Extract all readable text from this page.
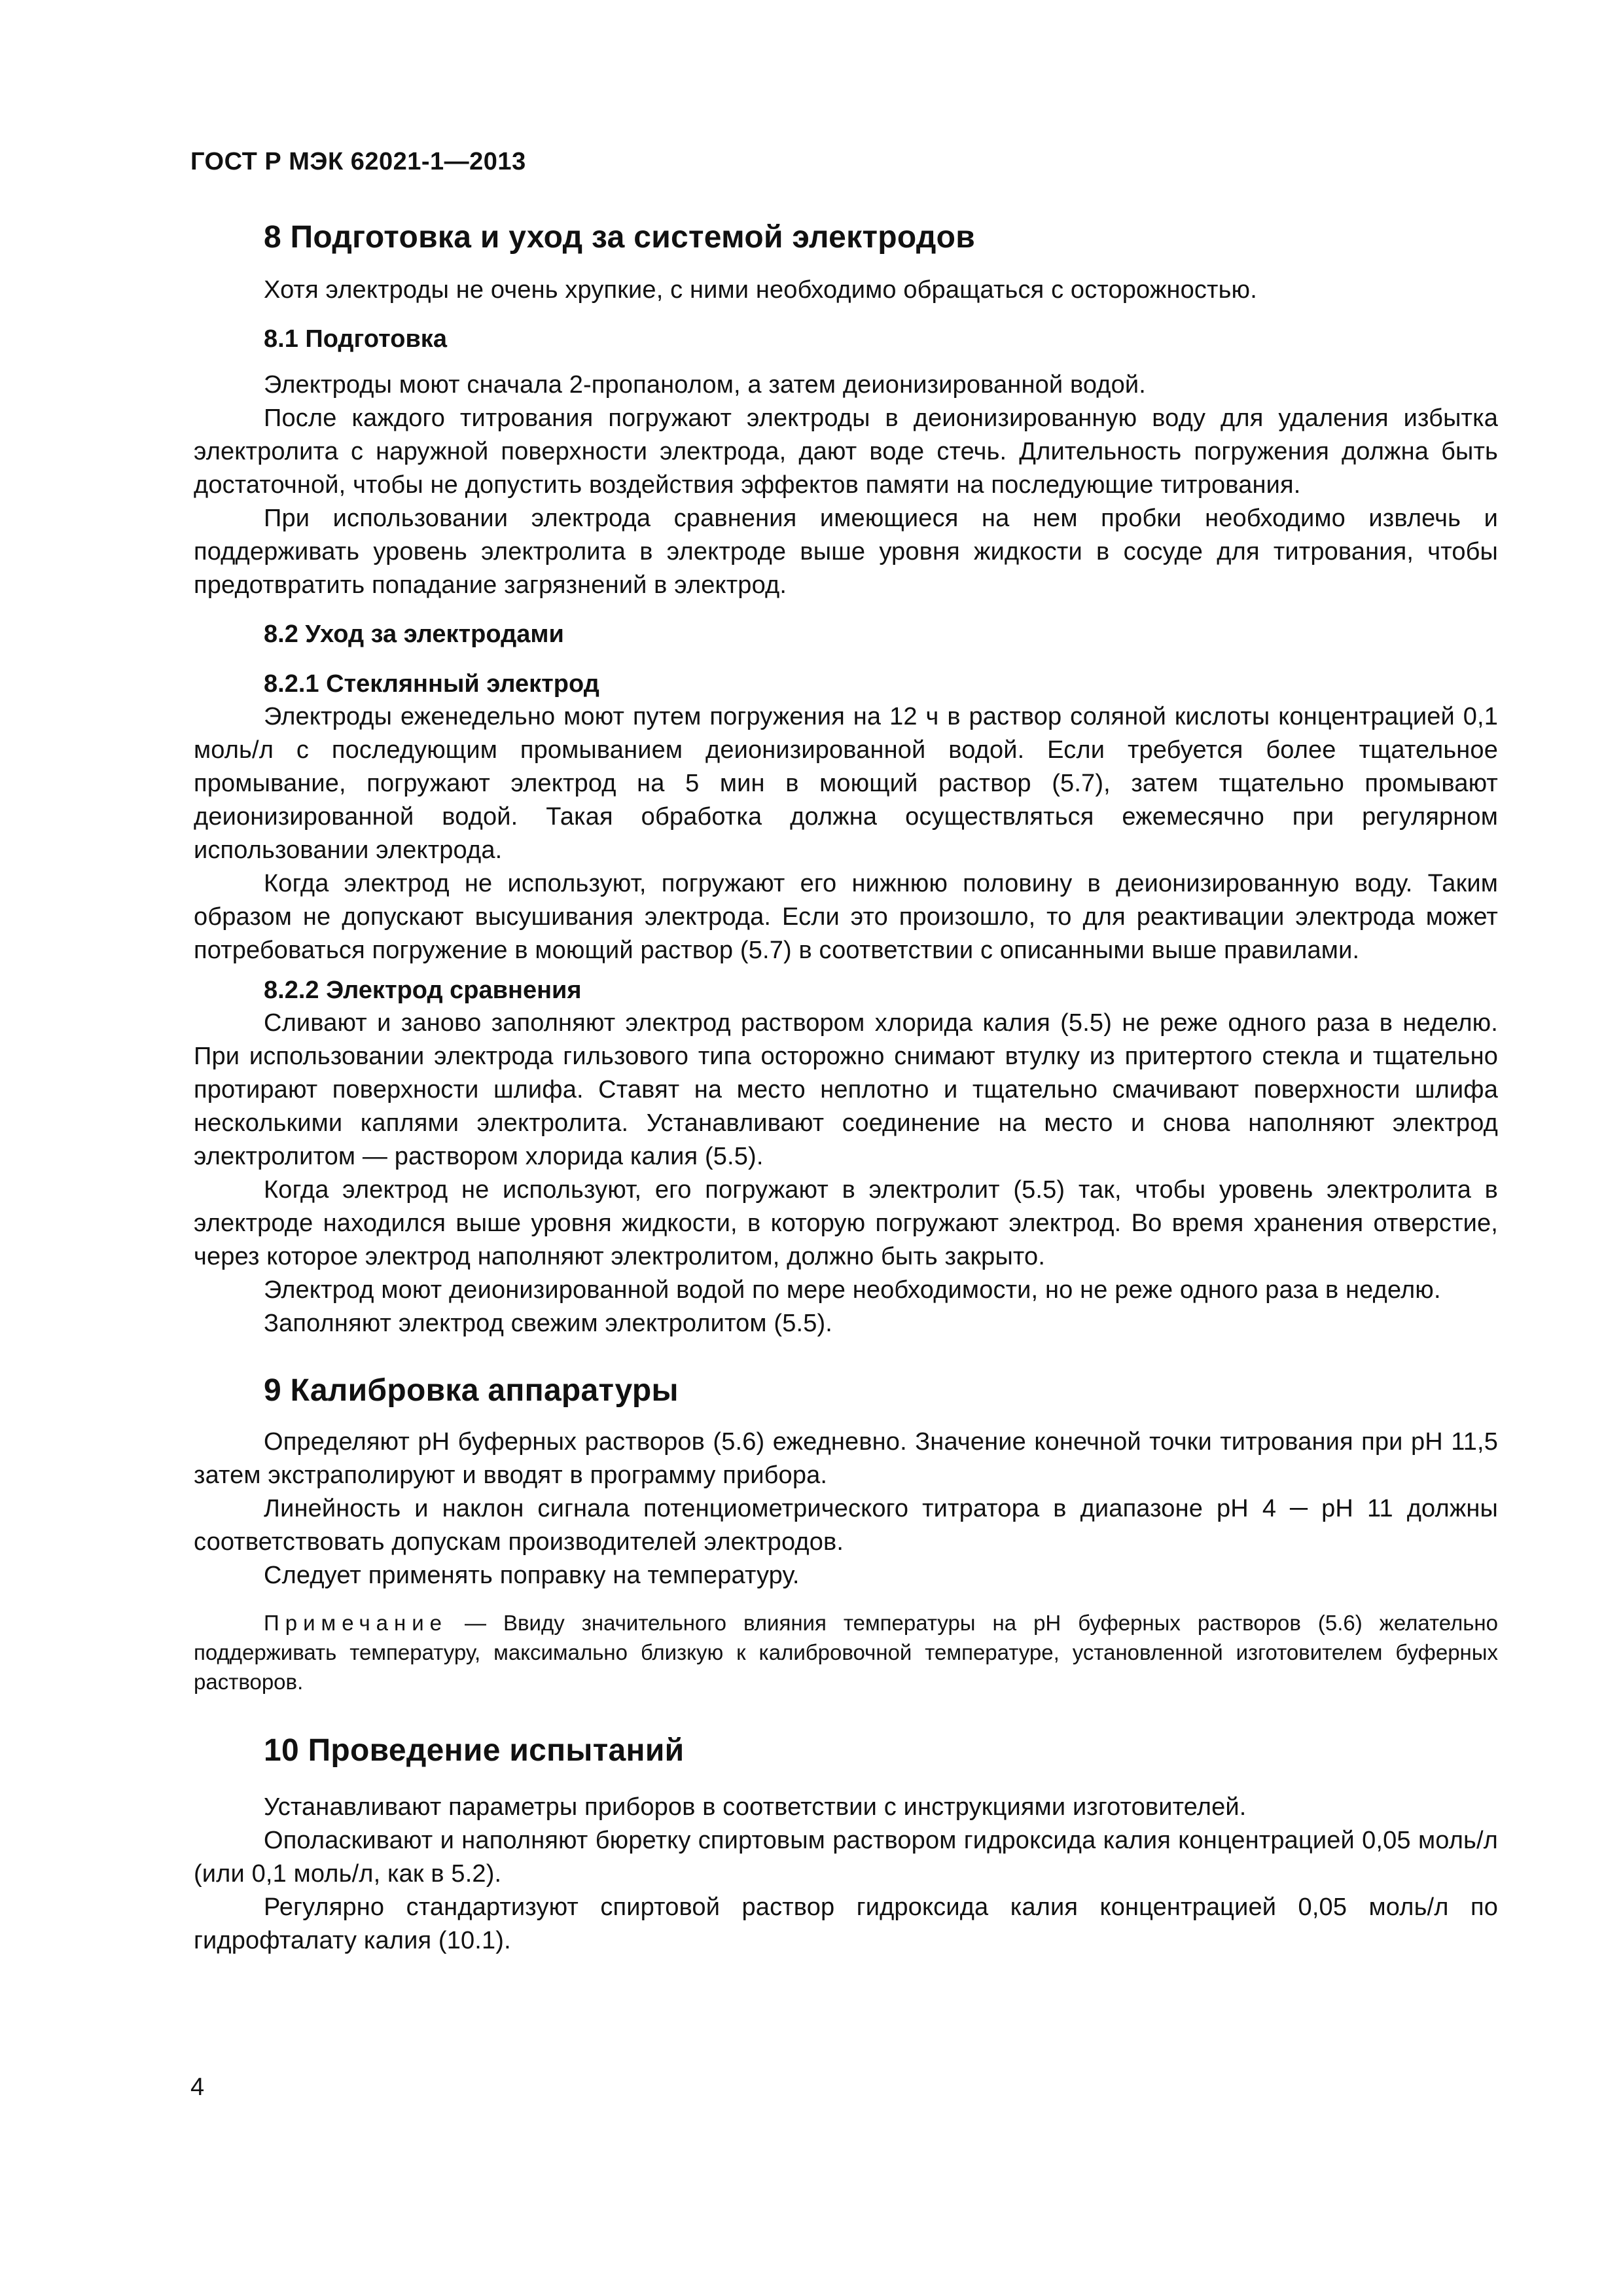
ГОСТ Р МЭК 62021-1—2013
8 Подготовка и уход за системой электродов
Хотя электроды не очень хрупкие, с ними необходимо обращаться с осторожностью.
8.1 Подготовка
Электроды моют сначала 2-пропанолом, а затем деионизированной водой.
После каждого титрования погружают электроды в деионизированную воду для удаления избытка электролита с наружной поверхности электрода, дают воде стечь. Длительность погружения должна быть достаточной, чтобы не допустить воздействия эффектов памяти на последующие титрования.
При использовании электрода сравнения имеющиеся на нем пробки необходимо извлечь и поддерживать уровень электролита в электроде выше уровня жидкости в сосуде для титрования, чтобы предотвратить попадание загрязнений в электрод.
8.2 Уход за электродами
8.2.1 Стеклянный электрод
Электроды еженедельно моют путем погружения на 12 ч в раствор соляной кислоты концентрацией 0,1 моль/л с последующим промыванием деионизированной водой. Если требуется более тщательное промывание, погружают электрод на 5 мин в моющий раствор (5.7), затем тщательно промывают деионизированной водой. Такая обработка должна осуществляться ежемесячно при регулярном использовании электрода.
Когда электрод не используют, погружают его нижнюю половину в деионизированную воду. Таким образом не допускают высушивания электрода. Если это произошло, то для реактивации электрода может потребоваться погружение в моющий раствор (5.7) в соответствии с описанными выше правилами.
8.2.2 Электрод сравнения
Сливают и заново заполняют электрод раствором хлорида калия (5.5) не реже одного раза в неделю. При использовании электрода гильзового типа осторожно снимают втулку из притертого стекла и тщательно протирают поверхности шлифа. Ставят на место неплотно и тщательно смачивают поверхности шлифа несколькими каплями электролита. Устанавливают соединение на место и снова наполняют электрод электролитом — раствором хлорида калия (5.5).
Когда электрод не используют, его погружают в электролит (5.5) так, чтобы уровень электролита в электроде находился выше уровня жидкости, в которую погружают электрод. Во время хранения отверстие, через которое электрод наполняют электролитом, должно быть закрыто.
Электрод моют деионизированной водой по мере необходимости, но не реже одного раза в неделю.
Заполняют электрод свежим электролитом (5.5).
9 Калибровка аппаратуры
Определяют pH буферных растворов (5.6) ежедневно. Значение конечной точки титрования при pH 11,5 затем экстраполируют и вводят в программу прибора.
Линейность и наклон сигнала потенциометрического титратора в диапазоне pH 4 ─ pH 11 должны соответствовать допускам производителей электродов.
Следует применять поправку на температуру.
Примечание — Ввиду значительного влияния температуры на pH буферных растворов (5.6) желательно поддерживать температуру, максимально близкую к калибровочной температуре, установленной изготовителем буферных растворов.
10 Проведение испытаний
Устанавливают параметры приборов в соответствии с инструкциями изготовителей.
Ополаскивают и наполняют бюретку спиртовым раствором гидроксида калия концентрацией 0,05 моль/л (или 0,1 моль/л, как в 5.2).
Регулярно стандартизуют спиртовой раствор гидроксида калия концентрацией 0,05 моль/л по гидрофталату калия (10.1).
4
